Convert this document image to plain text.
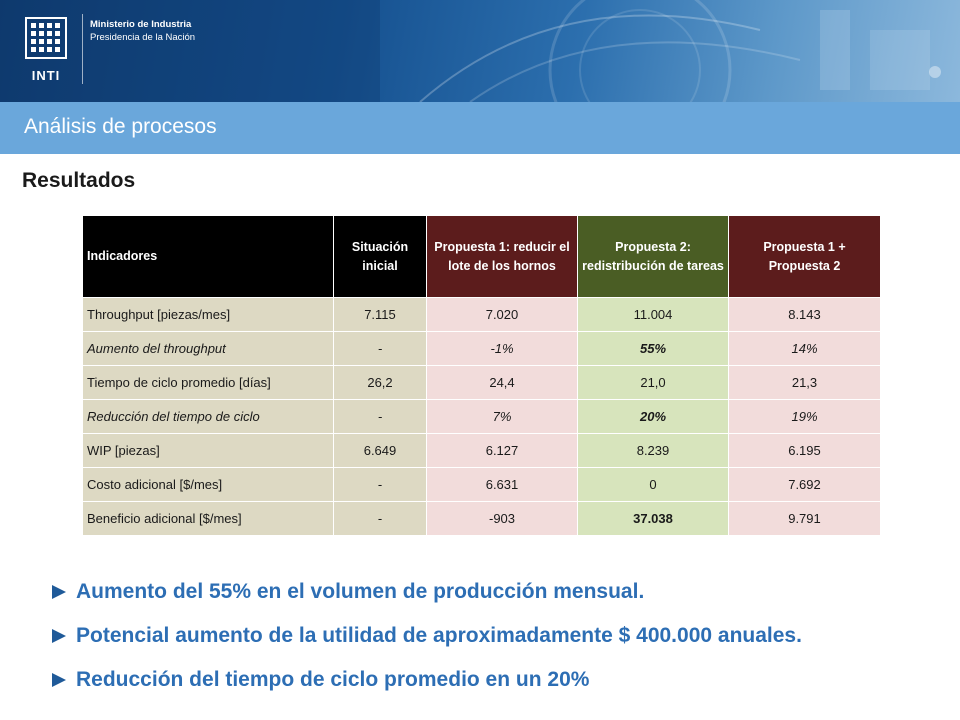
INTI
Ministerio de Industria
Presidencia de la Nación
Análisis de procesos
Resultados
Indicadores	Situación inicial	Propuesta 1: reducir el lote de los hornos	Propuesta 2: redistribución de tareas	Propuesta 1 + Propuesta 2
Throughput [piezas/mes]	7.115	7.020	11.004	8.143
Aumento del throughput	-	-1%	55%	14%
Tiempo de ciclo promedio [días]	26,2	24,4	21,0	21,3
Reducción del tiempo de ciclo	-	7%	20%	19%
WIP [piezas]	6.649	6.127	8.239	6.195
Costo adicional [$/mes]	-	6.631	0	7.692
Beneficio adicional [$/mes]	-	-903	37.038	9.791
Aumento del 55% en el volumen de producción mensual.
Potencial aumento de la utilidad de aproximadamente $ 400.000 anuales.
Reducción del tiempo de ciclo promedio en un 20%
